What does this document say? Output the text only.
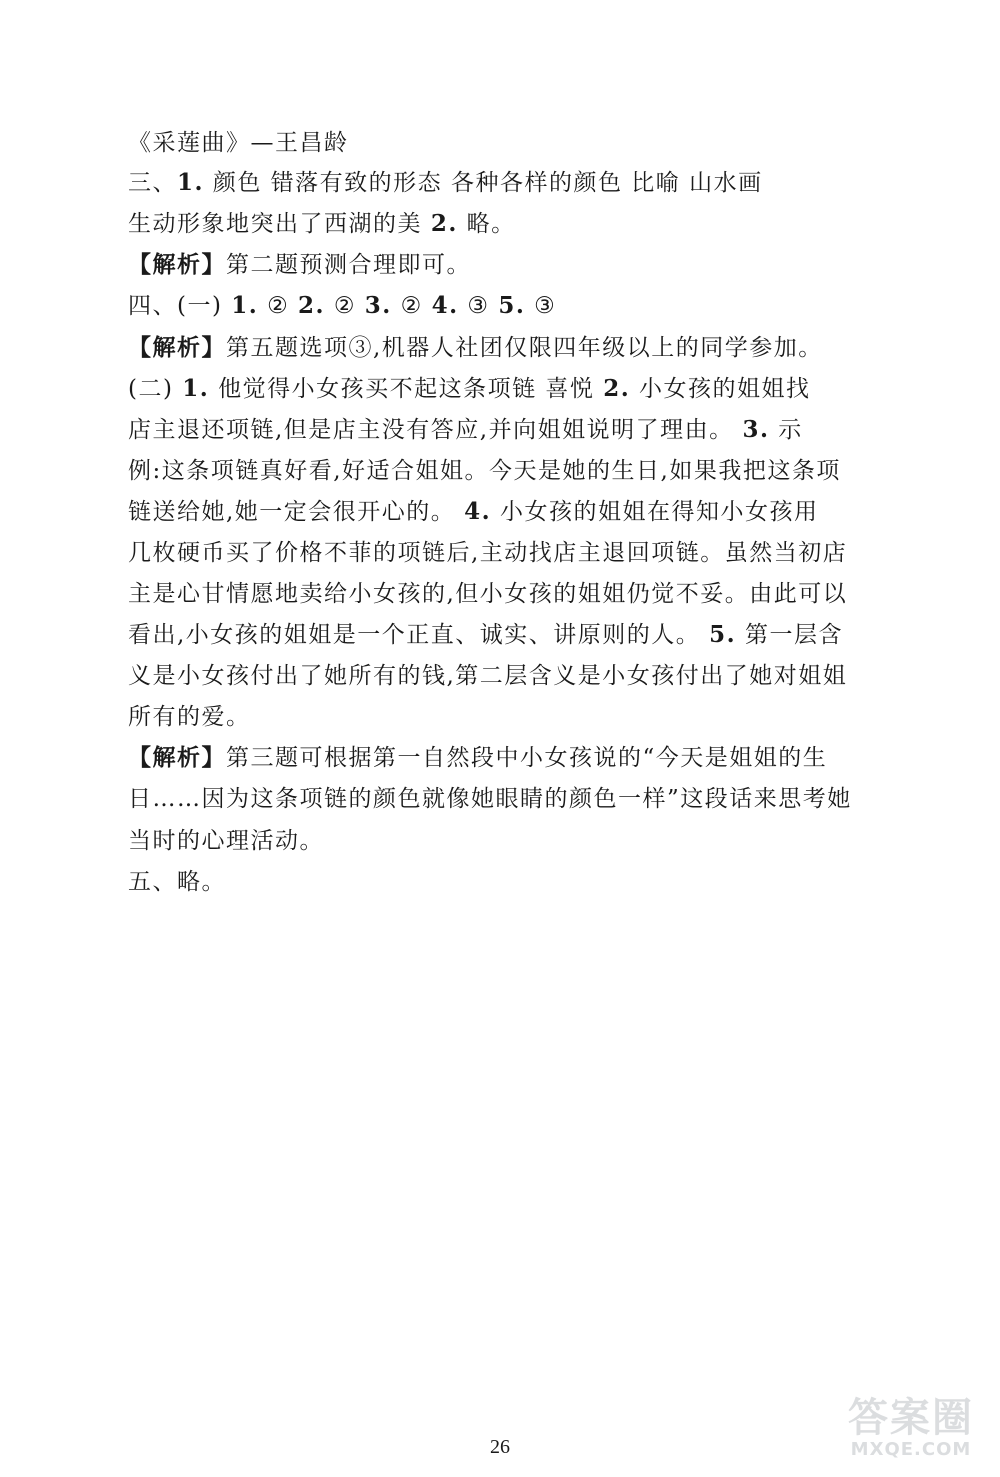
《采莲曲》—王昌龄
三、1. 颜色 错落有致的形态 各种各样的颜色 比喻 山水画
生动形象地突出了西湖的美 2. 略。
【解析】第二题预测合理即可。
四、(一) 1. ② 2. ② 3. ② 4. ③ 5. ③
【解析】第五题选项③,机器人社团仅限四年级以上的同学参加。
(二) 1. 他觉得小女孩买不起这条项链 喜悦 2. 小女孩的姐姐找
店主退还项链,但是店主没有答应,并向姐姐说明了理由。 3. 示
例:这条项链真好看,好适合姐姐。今天是她的生日,如果我把这条项
链送给她,她一定会很开心的。 4. 小女孩的姐姐在得知小女孩用
几枚硬币买了价格不菲的项链后,主动找店主退回项链。虽然当初店
主是心甘情愿地卖给小女孩的,但小女孩的姐姐仍觉不妥。由此可以
看出,小女孩的姐姐是一个正直、诚实、讲原则的人。 5. 第一层含
义是小女孩付出了她所有的钱,第二层含义是小女孩付出了她对姐姐
所有的爱。
【解析】第三题可根据第一自然段中小女孩说的“今天是姐姐的生
日……因为这条项链的颜色就像她眼睛的颜色一样”这段话来思考她
当时的心理活动。
五、略。
26
答案圈
MXQE.COM
